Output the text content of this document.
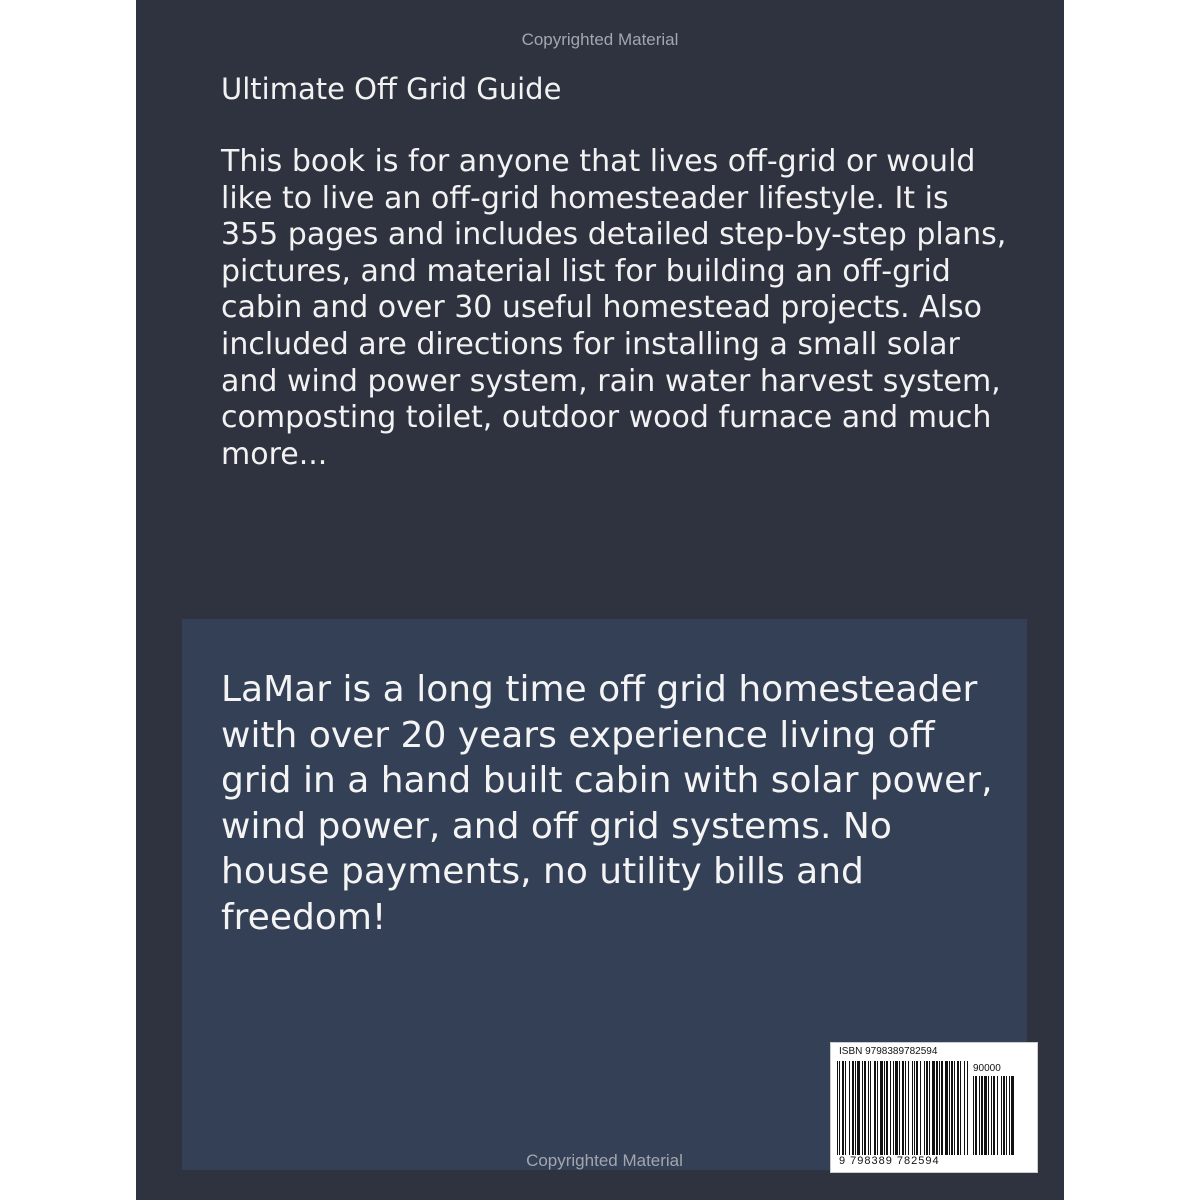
Copyrighted Material
Ultimate Off Grid Guide

This book is for anyone that lives off-grid or would like to live an off-grid homesteader lifestyle. It is 355 pages and includes detailed step-by-step plans, pictures, and material list for building an off-grid cabin and over 30 useful homestead projects. Also included are directions for installing a small solar and wind power system, rain water harvest system, composting toilet, outdoor wood furnace and much more...

LaMar is a long time off grid homesteader with over 20 years experience living off grid in a hand built cabin with solar power, wind power, and off grid systems. No house payments, no utility bills and freedom!

Copyrighted Material
ISBN 9798389782594
90000
9 798389 782594
